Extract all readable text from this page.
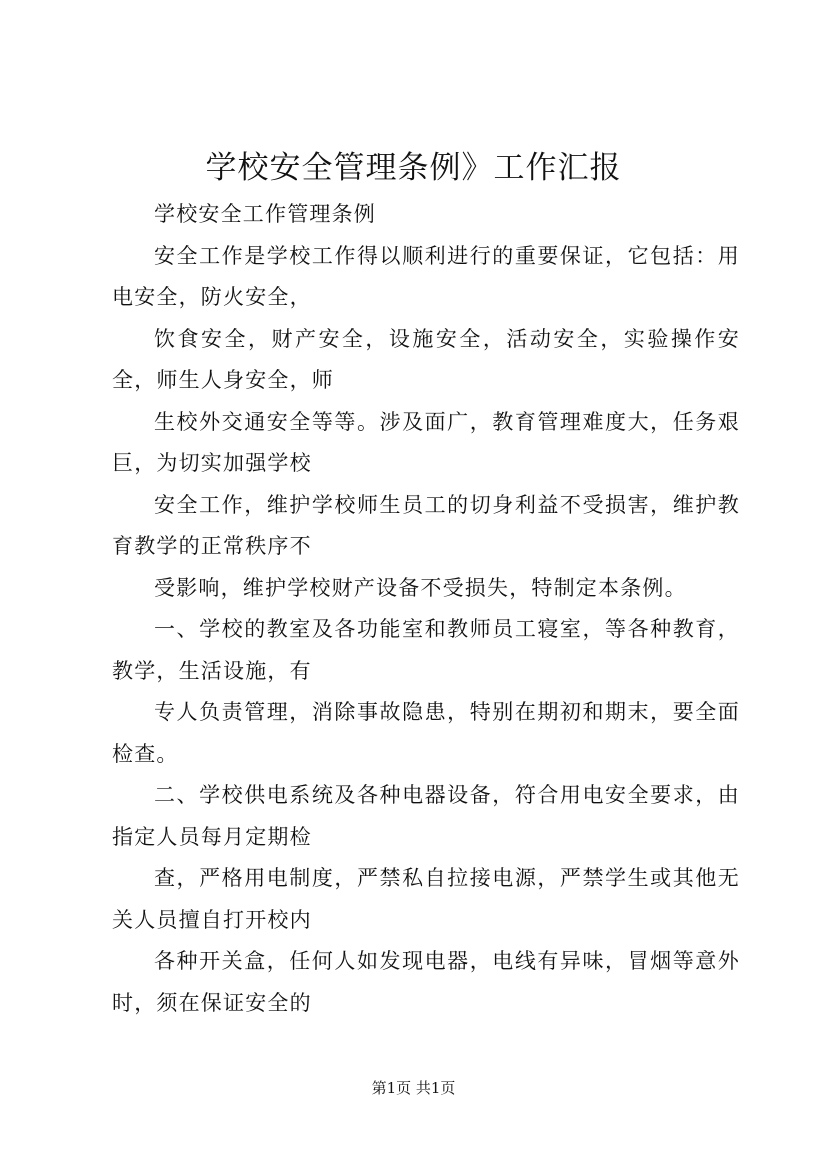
学校安全管理条例》工作汇报

学校安全工作管理条例

安全工作是学校工作得以顺利进行的重要保证，它包括：用电安全，防火安全，

饮食安全，财产安全，设施安全，活动安全，实验操作安全，师生人身安全，师

生校外交通安全等等。涉及面广，教育管理难度大，任务艰巨，为切实加强学校

安全工作，维护学校师生员工的切身利益不受损害，维护教育教学的正常秩序不

受影响，维护学校财产设备不受损失，特制定本条例。

一、学校的教室及各功能室和教师员工寝室，等各种教育，教学，生活设施，有

专人负责管理，消除事故隐患，特别在期初和期末，要全面检查。

二、学校供电系统及各种电器设备，符合用电安全要求，由指定人员每月定期检

查，严格用电制度，严禁私自拉接电源，严禁学生或其他无关人员擅自打开校内

各种开关盒，任何人如发现电器，电线有异味，冒烟等意外时，须在保证安全的

第1页 共1页
